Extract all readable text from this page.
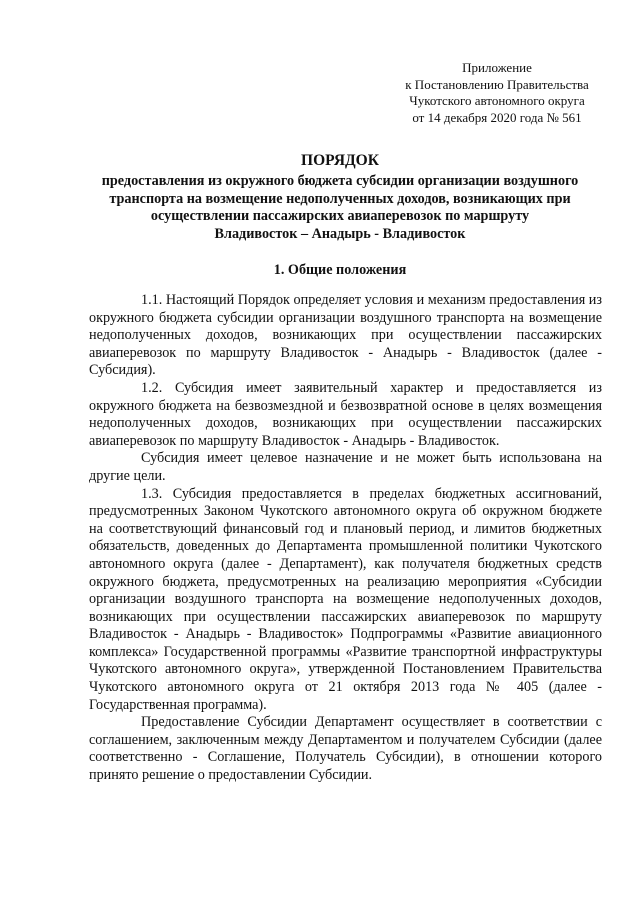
Приложение
к Постановлению Правительства
Чукотского автономного округа
от 14 декабря 2020 года № 561
ПОРЯДОК
предоставления из окружного бюджета субсидии организации воздушного
транспорта на возмещение недополученных доходов, возникающих при
осуществлении пассажирских авиаперевозок по маршруту
Владивосток – Анадырь - Владивосток
1. Общие положения

1.1. Настоящий Порядок определяет условия и механизм предоставления из окружного бюджета субсидии организации воздушного транспорта на возмещение недополученных доходов, возникающих при осуществлении пассажирских авиаперевозок по маршруту Владивосток - Анадырь - Владивосток (далее - Субсидия).

1.2. Субсидия имеет заявительный характер и предоставляется из окружного бюджета на безвозмездной и безвозвратной основе в целях возмещения недополученных доходов, возникающих при осуществлении пассажирских авиаперевозок по маршруту Владивосток - Анадырь - Владивосток.

Субсидия имеет целевое назначение и не может быть использована на другие цели.

1.3. Субсидия предоставляется в пределах бюджетных ассигнований, предусмотренных Законом Чукотского автономного округа об окружном бюджете на соответствующий финансовый год и плановый период, и лимитов бюджетных обязательств, доведенных до Департамента промышленной политики Чукотского автономного округа (далее - Департамент), как получателя бюджетных средств окружного бюджета, предусмотренных на реализацию мероприятия «Субсидии организации воздушного транспорта на возмещение недополученных доходов, возникающих при осуществлении пассажирских авиаперевозок по маршруту Владивосток - Анадырь - Владивосток» Подпрограммы «Развитие авиационного комплекса» Государственной программы «Развитие транспортной инфраструктуры Чукотского автономного округа», утвержденной Постановлением Правительства Чукотского автономного округа от 21 октября 2013 года № 405 (далее - Государственная программа).

Предоставление Субсидии Департамент осуществляет в соответствии с соглашением, заключенным между Департаментом и получателем Субсидии (далее соответственно - Соглашение, Получатель Субсидии), в отношении которого принято решение о предоставлении Субсидии.
